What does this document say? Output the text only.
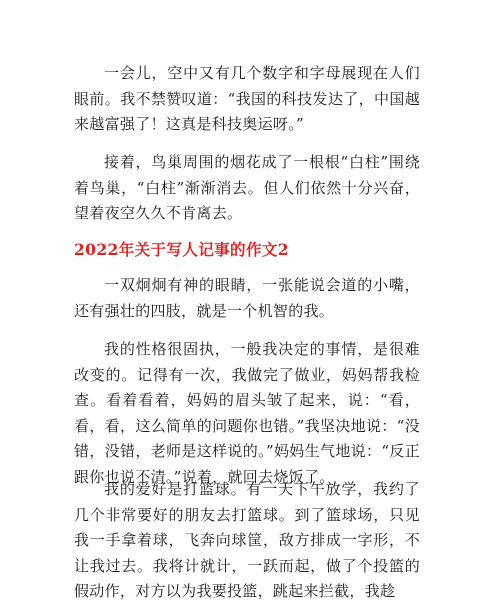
一会儿，空中又有几个数字和字母展现在人们眼前。我不禁赞叹道：“我国的科技发达了，中国越来越富强了！这真是科技奥运呀。”

接着，鸟巢周围的烟花成了一根根“白柱”围绕着鸟巢，“白柱”渐渐消去。但人们依然十分兴奋，望着夜空久久不肯离去。

2022年关于写人记事的作文2

一双炯炯有神的眼睛，一张能说会道的小嘴，还有强壮的四肢，就是一个机智的我。

我的性格很固执，一般我决定的事情，是很难改变的。记得有一次，我做完了做业，妈妈帮我检查。看着看着，妈妈的眉头皱了起来，说：“看，看，看，这么简单的问题你也错。”我坚决地说：“没错，没错，老师是这样说的。”妈妈生气地说：“反正跟你也说不清。”说着，就回去烧饭了。

我的爱好是打篮球。有一天下午放学，我约了几个非常要好的朋友去打篮球。到了篮球场，只见我一手拿着球，飞奔向球筐，敌方排成一字形，不让我过去。我将计就计，一跃而起，做了个投篮的假动作，对方以为我要投篮，跳起来拦截，我趁
